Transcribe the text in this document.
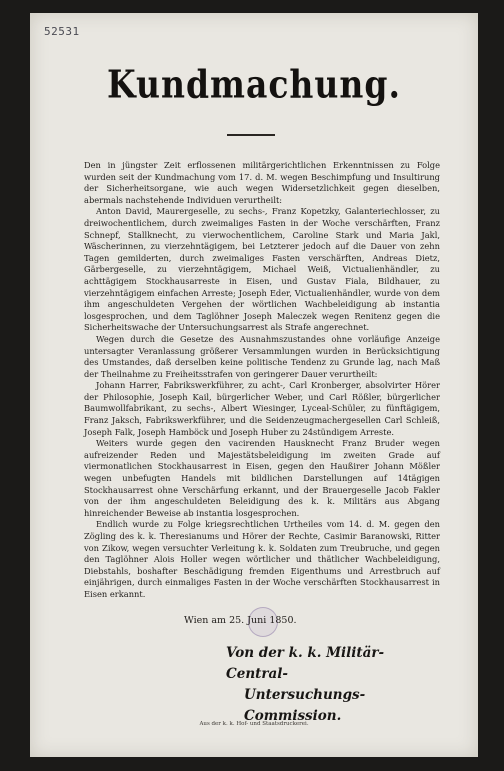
52531
Kundmachung.

Den in jüngster Zeit erflossenen militärgerichtlichen Erkenntnissen zu Folge wurden seit der Kundmachung vom 17. d. M. wegen Beschimpfung und Insultirung der Sicherheitsorgane, wie auch wegen Widersetzlichkeit gegen dieselben, abermals nachstehende Individuen verurtheilt:

Anton David, Maurergeselle, zu sechs-, Franz Kopetzky, Galanteriechlosser, zu dreiwochentlichem, durch zweimaliges Fasten in der Woche verschärften, Franz Schnepf, Stallknecht, zu vierwochentlichem, Caroline Stark und Maria Jakl, Wäscherinnen, zu vierzehntägigem, bei Letzterer jedoch auf die Dauer von zehn Tagen gemilderten, durch zweimaliges Fasten verschärften, Andreas Dietz, Gärbergeselle, zu vierzehntägigem, Michael Weiß, Victualienhändler, zu achttägigem Stockhausarreste in Eisen, und Gustav Fiala, Bildhauer, zu vierzehntägigem einfachen Arreste; Joseph Eder, Victualienhändler, wurde von dem ihm angeschuldeten Vergehen der wörtlichen Wachbeleidigung ab instantia losgesprochen, und dem Taglöhner Joseph Maleczek wegen Renitenz gegen die Sicherheitswache der Untersuchungsarrest als Strafe angerechnet.

Wegen durch die Gesetze des Ausnahmszustandes ohne vorläufige Anzeige untersagter Veranlassung größerer Versammlungen wurden in Berücksichtigung des Umstandes, daß derselben keine politische Tendenz zu Grunde lag, nach Maß der Theilnahme zu Freiheitsstrafen von geringerer Dauer verurtheilt:

Johann Harrer, Fabrikswerkführer, zu acht-, Carl Kronberger, absolvirter Hörer der Philosophie, Joseph Kail, bürgerlicher Weber, und Carl Rößler, bürgerlicher Baumwollfabrikant, zu sechs-, Albert Wiesinger, Lyceal-Schüler, zu fünftägigem, Franz Jaksch, Fabrikswerkführer, und die Seidenzeugmachergesellen Carl Schleiß, Joseph Falk, Joseph Hamböck und Joseph Huber zu 24stündigem Arreste.

Weiters wurde gegen den vacirenden Hausknecht Franz Bruder wegen aufreizender Reden und Majestätsbeleidigung im zweiten Grade auf viermonatlichen Stockhausarrest in Eisen, gegen den Haußirer Johann Mößler wegen unbefugten Handels mit bildlichen Darstellungen auf 14tägigen Stockhausarrest ohne Verschärfung erkannt, und der Brauergeselle Jacob Fakler von der ihm angeschuldeten Beleidigung des k. k. Militärs aus Abgang hinreichender Beweise ab instantia losgesprochen.

Endlich wurde zu Folge kriegsrechtlichen Urtheiles vom 14. d. M. gegen den Zögling des k. k. Theresianums und Hörer der Rechte, Casimir Baranowski, Ritter von Zikow, wegen versuchter Verleitung k. k. Soldaten zum Treubruche, und gegen den Taglöhner Alois Holler wegen wörtlicher und thätlicher Wachbeleidigung, Diebstahls, boshafter Beschädigung fremden Eigenthums und Arrestbruch auf einjährigen, durch einmaliges Fasten in der Woche verschärften Stockhausarrest in Eisen erkannt.

Wien am 25. Juni 1850.
Von der k. k. Militär-Central-
Untersuchungs-Commission.
Aus der k. k. Hof- und Staatsdruckerei.
